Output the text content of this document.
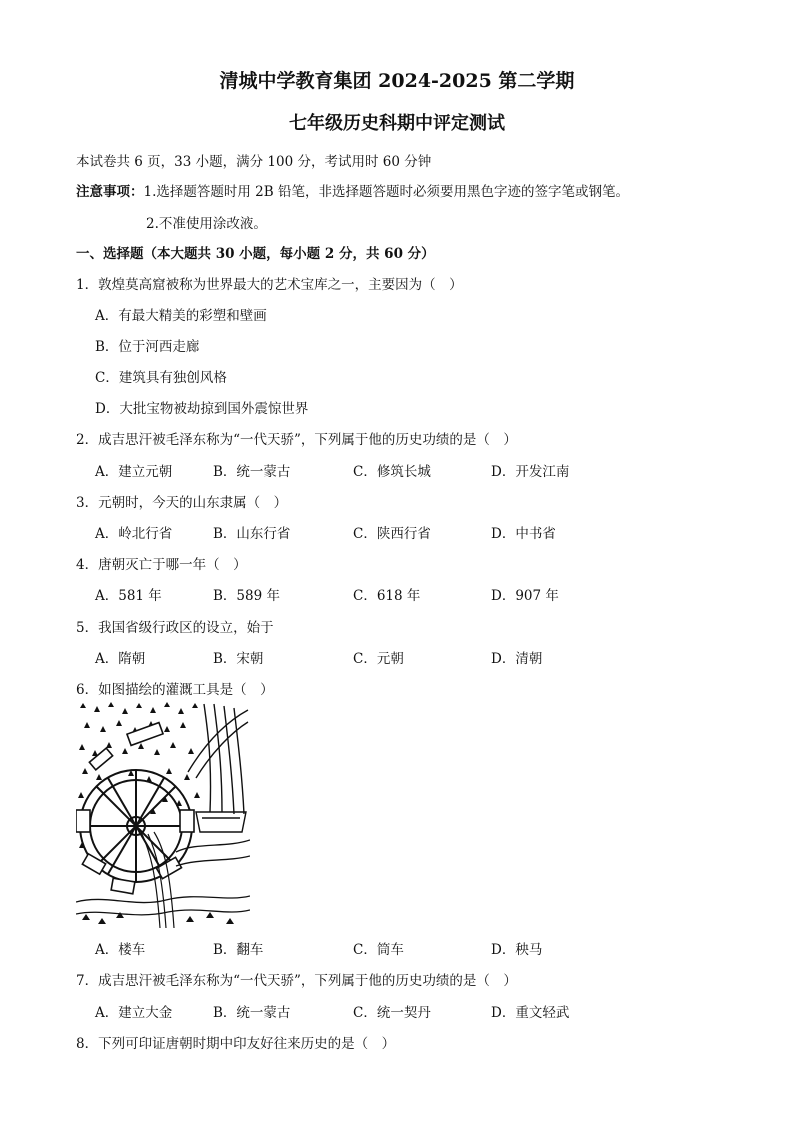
清城中学教育集团 2024-2025 第二学期
七年级历史科期中评定测试
本试卷共 6 页，33 小题，满分 100 分，考试用时 60 分钟
注意事项：1.选择题答题时用 2B 铅笔，非选择题答题时必须要用黑色字迹的签字笔或钢笔。
2.不准使用涂改液。
一、选择题（本大题共 30 小题，每小题 2 分，共 60 分）
1．敦煌莫高窟被称为世界最大的艺术宝库之一，主要因为（　）
A．有最大精美的彩塑和壁画
B．位于河西走廊
C．建筑具有独创风格
D．大批宝物被劫掠到国外震惊世界
2．成吉思汗被毛泽东称为“一代天骄”，下列属于他的历史功绩的是（　）
A．建立元朝	B．统一蒙古	C．修筑长城	D．开发江南
3．元朝时，今天的山东隶属（　）
A．岭北行省	B．山东行省	C．陕西行省	D．中书省
4．唐朝灭亡于哪一年（　）
A．581 年	B．589 年	C．618 年	D．907 年
5．我国省级行政区的设立，始于
A．隋朝	B．宋朝	C．元朝	D．清朝
6．如图描绘的灌溉工具是（　）
A．楼车	B．翻车	C．筒车	D．秧马
7．成吉思汗被毛泽东称为“一代天骄”，下列属于他的历史功绩的是（　）
A．建立大金	B．统一蒙古	C．统一契丹	D．重文轻武
8．下列可印证唐朝时期中印友好往来历史的是（　）
